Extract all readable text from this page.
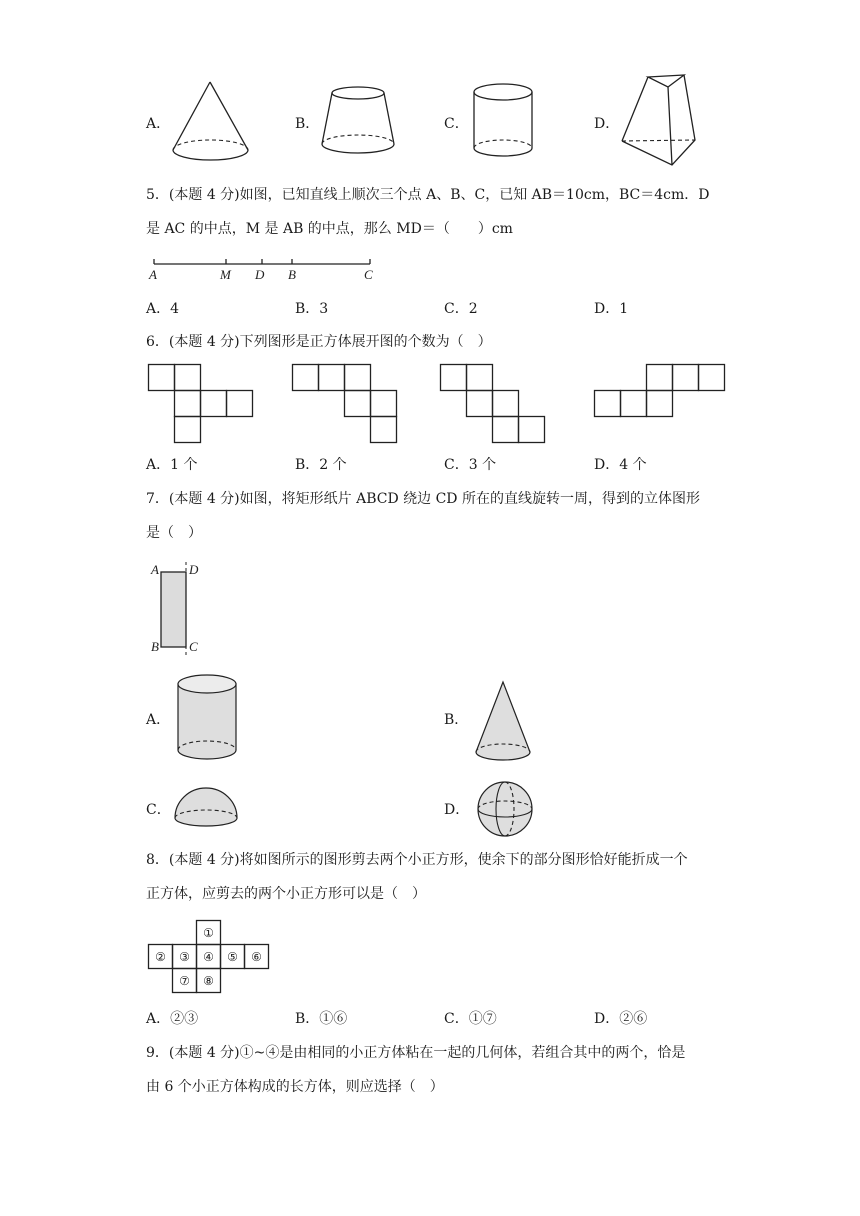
A．	B．	C．	D．
5．(本题 4 分)如图，已知直线上顺次三个点 A、B、C，已知 AB＝10cm，BC＝4cm．D
是 AC 的中点，M 是 AB 的中点，那么 MD＝（　　）cm
A	M D B	C
A．4	B．3	C．2	D．1
6．(本题 4 分)下列图形是正方体展开图的个数为（　）
A．1 个	B．2 个	C．3 个	D．4 个
7．(本题 4 分)如图，将矩形纸片 ABCD 绕边 CD 所在的直线旋转一周，得到的立体图形
是（　）
A D
B C
A．	B．
C．	D．
8．(本题 4 分)将如图所示的图形剪去两个小正方形，使余下的部分图形恰好能折成一个
正方体，应剪去的两个小正方形可以是（　）
①
② ③ ④ ⑤ ⑥
⑦ ⑧
A．②③	B．①⑥	C．①⑦	D．②⑥
9．(本题 4 分)①~④是由相同的小正方体粘在一起的几何体，若组合其中的两个，恰是
由 6 个小正方体构成的长方体，则应选择（　）
